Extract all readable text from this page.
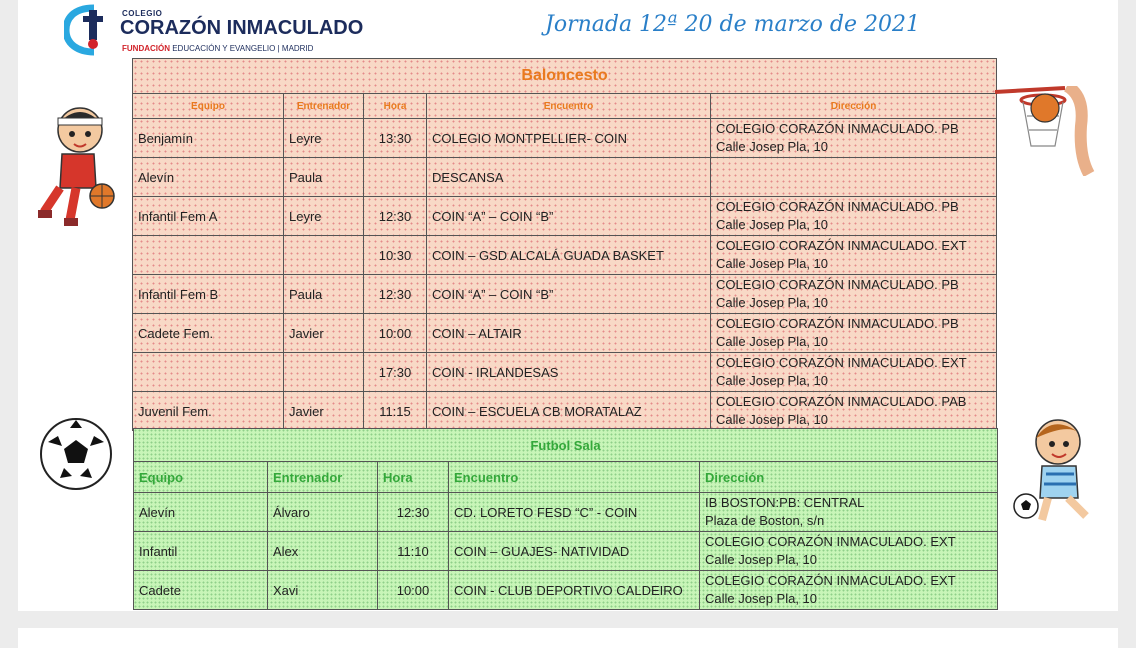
COLEGIO
CORAZÓN INMACULADO
FUNDACIÓN EDUCACIÓN Y EVANGELIO | MADRID
Jornada 12ª 20 de marzo de 2021
Baloncesto				
Equipo	Entrenador	Hora	Encuentro	Dirección
Benjamín	Leyre	13:30	COLEGIO MONTPELLIER- COIN	COLEGIO CORAZÓN INMACULADO. PB
Calle Josep Pla, 10

Alevín	Paula		DESCANSA	

Infantil Fem A	Leyre	12:30	COIN “A” – COIN “B”	COLEGIO CORAZÓN INMACULADO. PB
Calle Josep Pla, 10

		10:30	COIN – GSD ALCALÁ GUADA BASKET	COLEGIO CORAZÓN INMACULADO. EXT
Calle Josep Pla, 10

Infantil Fem B	Paula	12:30	COIN “A” – COIN “B”	COLEGIO CORAZÓN INMACULADO. PB
Calle Josep Pla, 10

Cadete Fem.	Javier	10:00	COIN – ALTAIR	COLEGIO CORAZÓN INMACULADO. PB
Calle Josep Pla, 10

		17:30	COIN - IRLANDESAS	COLEGIO CORAZÓN INMACULADO. EXT
Calle Josep Pla, 10

Juvenil Fem.	Javier	11:15	COIN – ESCUELA CB MORATALAZ	COLEGIO CORAZÓN INMACULADO. PAB
Calle Josep Pla, 10
Futbol Sala				
Equipo	Entrenador	Hora	Encuentro	Dirección
Alevín	Álvaro	12:30	CD. LORETO FESD “C” - COIN	IB BOSTON:PB: CENTRAL
Plaza de Boston, s/n

Infantil	Alex	11:10	COIN – GUAJES- NATIVIDAD	COLEGIO CORAZÓN INMACULADO. EXT
Calle Josep Pla, 10

Cadete	Xavi	10:00	COIN - CLUB DEPORTIVO CALDEIRO	COLEGIO CORAZÓN INMACULADO. EXT
Calle Josep Pla, 10
